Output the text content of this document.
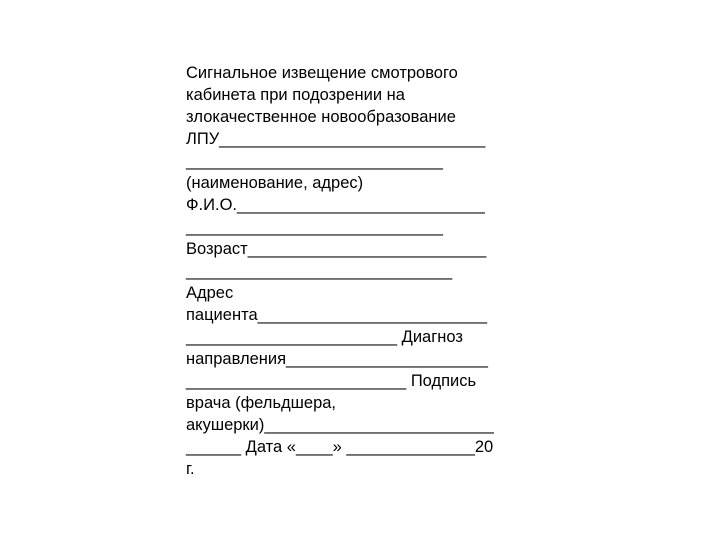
Сигнальное извещение смотрового
кабинета при подозрении на
злокачественное новообразование
ЛПУ_____________________________
____________________________
(наименование, адрес)
Ф.И.О.___________________________
____________________________
Возраст__________________________
_____________________________
Адрес
пациента_________________________
_______________________ Диагноз
направления______________________
________________________ Подпись
врача (фельдшера,
акушерки)_________________________
______ Дата «____» ______________20
г.
